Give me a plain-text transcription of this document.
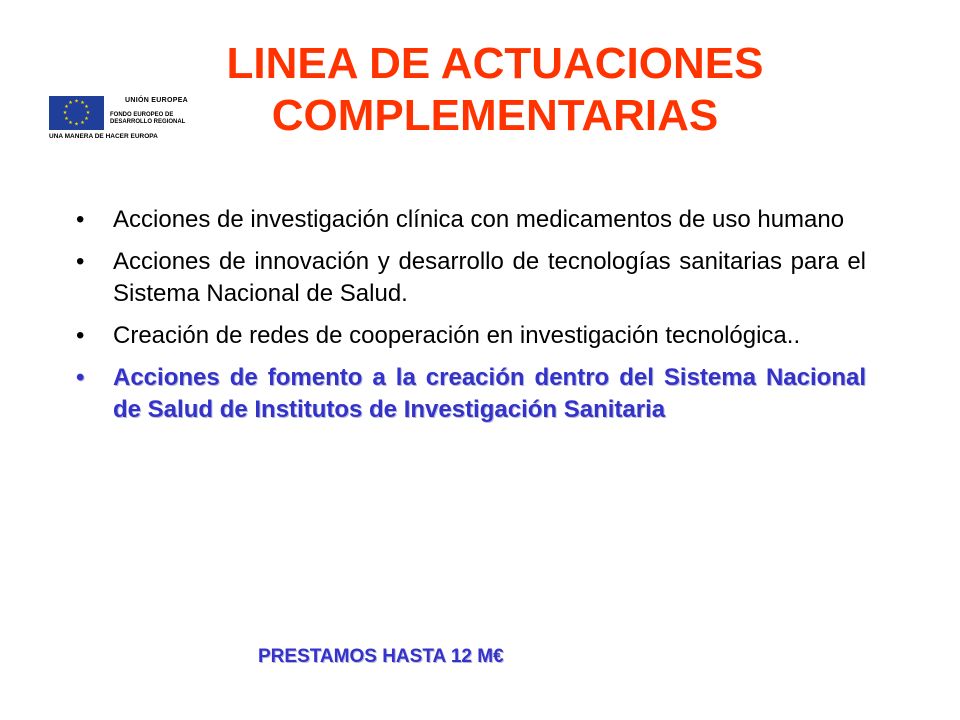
★ ★
★
★
★
★
★
★
★
★
★
★	UNIÓN EUROPEA
FONDO EUROPEO DE
DESARROLLO REGIONAL
UNA MANERA DE HACER EUROPA
LINEA DE ACTUACIONES
COMPLEMENTARIAS
• Acciones de investigación clínica con medicamentos de uso humano
• Acciones de innovación y desarrollo de tecnologías sanitarias para el Sistema Nacional de Salud.
• Creación de redes de cooperación en investigación tecnológica..
• Acciones de fomento a la creación dentro del Sistema Nacional de Salud de Institutos de Investigación Sanitaria
PRESTAMOS HASTA 12 M€
